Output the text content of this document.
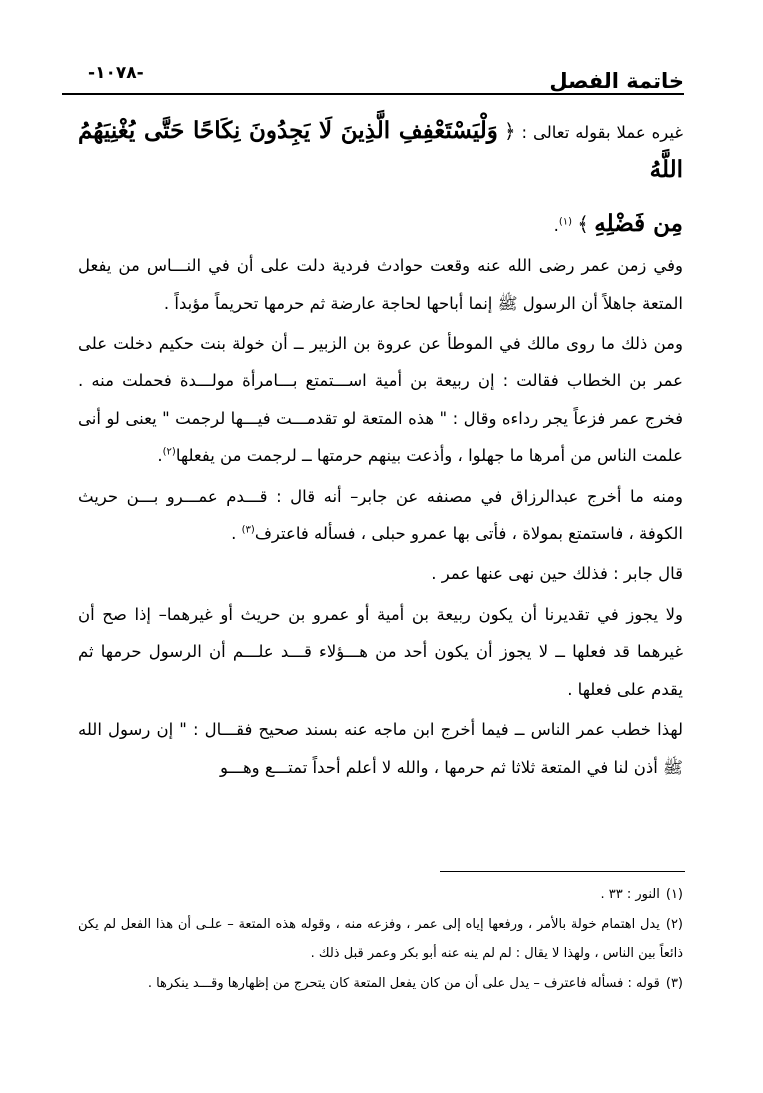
خاتمة الفصل
-١٠٧٨-

غيره عملا بقوله تعالى : ﴿ وَلْيَسْتَعْفِفِ الَّذِينَ لَا يَجِدُونَ نِكَاحًا حَتَّى يُغْنِيَهُمُ اللَّهُ
مِن فَضْلِهِ ﴾ $^{(١)}$.

وفي زمن عمر رضى الله عنه وقعت حوادث فردية دلت على أن في النـــاس من يفعل المتعة جاهلاً أن الرسول ﷺ إنما أباحها لحاجة عارضة ثم حرمها تحريماً مؤبداً .

ومن ذلك ما روى مالك في الموطأ عن عروة بن الزبير ــ أن خولة بنت حكيم دخلت على عمر بن الخطاب فقالت : إن ربيعة بن أمية اســـتمتع بـــامرأة مولـــدة فحملت منه . فخرج عمر فزعاً يجر رداءه وقال : " هذه المتعة لو تقدمـــت فيـــها لرجمت " يعنى لو أنى علمت الناس من أمرها ما جهلوا ، وأذعت بينهم حرمتها ــ لرجمت من يفعلها$^{(٢)}$.

ومنه ما أخرج عبدالرزاق في مصنفه عن جابر– أنه قال : قـــدم عمـــرو بـــن حريث الكوفة ، فاستمتع بمولاة ، فأتى بها عمرو حبلى ، فسأله فاعترف$^{(٣)}$ .

قال جابر : فذلك حين نهى عنها عمر .

ولا يجوز في تقديرنا أن يكون ربيعة بن أمية أو عمرو بن حريث أو غيرهما– إذا صح أن غيرهما قد فعلها ــ لا يجوز أن يكون أحد من هـــؤلاء قـــد علـــم أن الرسول حرمها ثم يقدم على فعلها .

لهذا خطب عمر الناس ــ فيما أخرج ابن ماجه عنه بسند صحيح فقـــال : " إن رسول الله ﷺ أذن لنا في المتعة ثلاثا ثم حرمها ، والله لا أعلم أحداً تمتـــع وهـــو

(١)النور : ٣٣ .

(٢)يدل اهتمام خولة بالأمر ، ورفعها إياه إلى عمر ، وفزعه منه ، وقوله هذه المتعة – علـى أن هذا الفعل لم يكن ذائعاً بين الناس ، ولهذا لا يقال : لم لم ينه عنه أبو بكر وعمر قبل ذلك .

(٣)قوله : فسأله فاعترف – يدل على أن من كان يفعل المتعة كان يتحرج من إظهارها وقـــد ينكرها .
